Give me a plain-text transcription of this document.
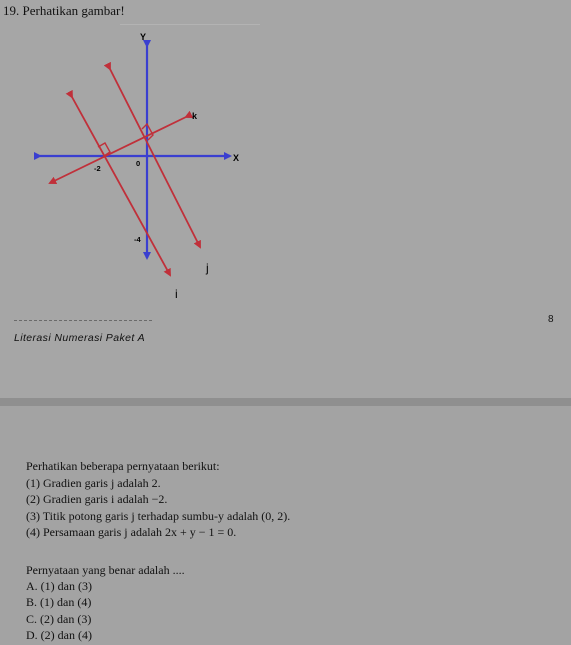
19. Perhatikan gambar!
Y
X
0
-2
-4
k
j
i
Literasi Numerasi Paket A
8
Perhatikan beberapa pernyataan berikut:
(1) Gradien garis j adalah 2.
(2) Gradien garis i adalah −2.
(3) Titik potong garis j terhadap sumbu-y adalah (0, 2).
(4) Persamaan garis j adalah 2x + y − 1 = 0.
Pernyataan yang benar adalah ....
A. (1) dan (3)
B. (1) dan (4)
C. (2) dan (3)
D. (2) dan (4)
